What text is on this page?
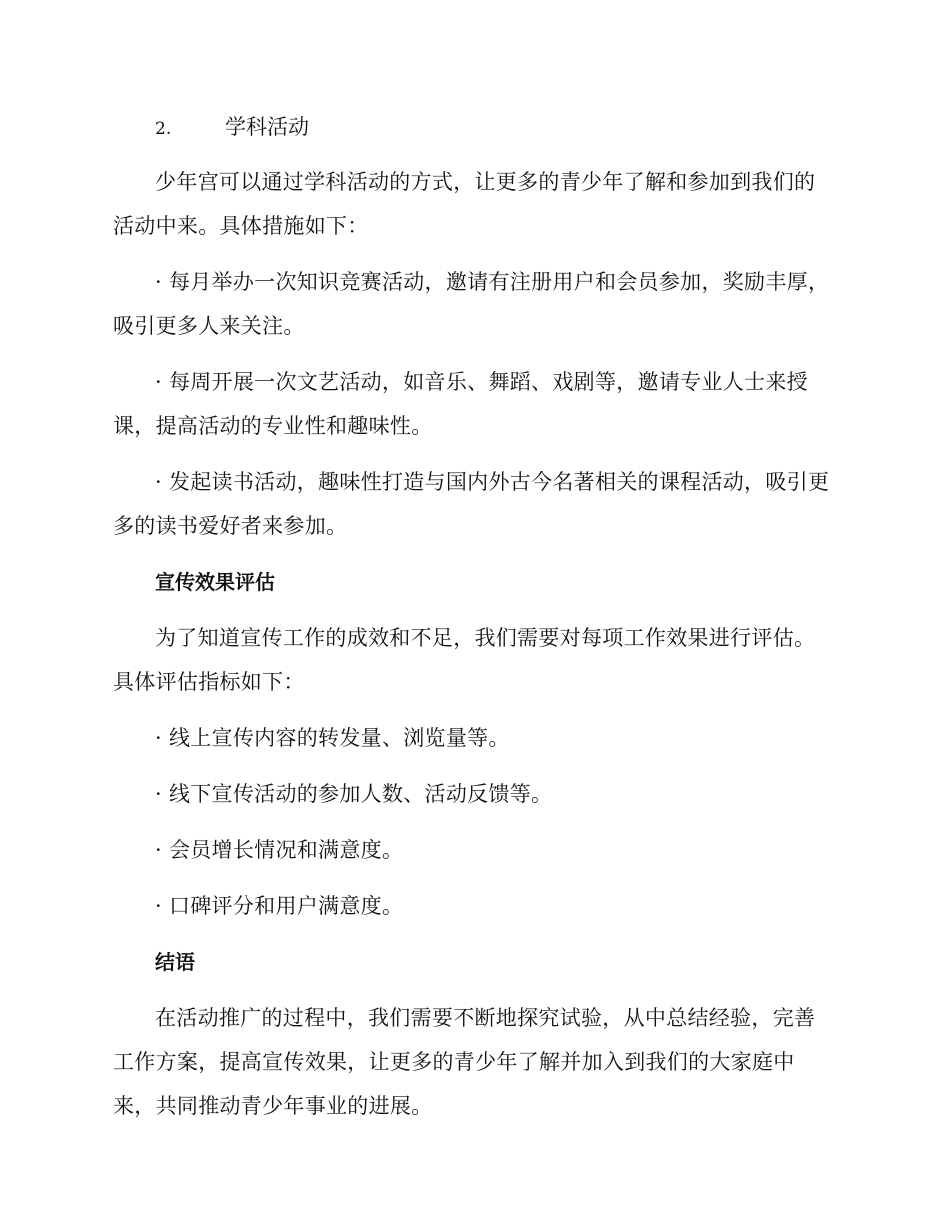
2.	学科活动

少年宫可以通过学科活动的方式，让更多的青少年了解和参加到我们的活动中来。具体措施如下：

· 每月举办一次知识竞赛活动，邀请有注册用户和会员参加，奖励丰厚，吸引更多人来关注。

· 每周开展一次文艺活动，如音乐、舞蹈、戏剧等，邀请专业人士来授课，提高活动的专业性和趣味性。

· 发起读书活动，趣味性打造与国内外古今名著相关的课程活动，吸引更多的读书爱好者来参加。

宣传效果评估

为了知道宣传工作的成效和不足，我们需要对每项工作效果进行评估。具体评估指标如下：

· 线上宣传内容的转发量、浏览量等。

· 线下宣传活动的参加人数、活动反馈等。

· 会员增长情况和满意度。

· 口碑评分和用户满意度。

结语

在活动推广的过程中，我们需要不断地探究试验，从中总结经验，完善工作方案，提高宣传效果，让更多的青少年了解并加入到我们的大家庭中来，共同推动青少年事业的进展。
